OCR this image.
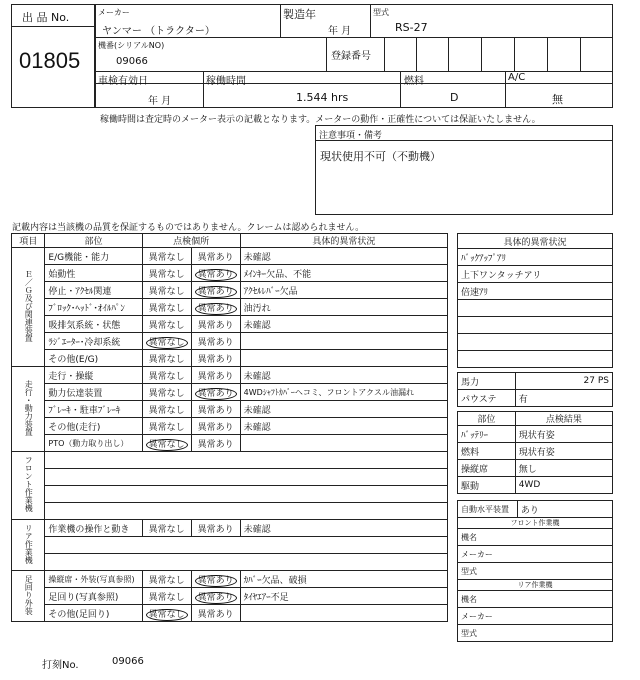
出 品 No.
01805
メーカー
ヤンマー （トラクター）
製造年
年 月
型式
RS-27
機番(シリアルNO)
09066	登録番号
車検有効日
年 月
稼働時間
1.544 hrs
燃料
D
A/C
無
稼働時間は査定時のメーター表示の記載となります。メーターの動作・正確性については保証いたしません。
注意事項・備考
現状使用不可（不動機）
記載内容は当該機の品質を保証するものではありません。クレームは認められません。
項目	部位	点検個所		具体的異常状況
Ｅ／Ｇ及び関連装置	E/G機能・能力	異常なし	異常あり	未確認
	始動性	異常なし	異常あり	ﾒｲﾝｷｰ欠品、不能
	停止・ｱｸｾﾙ関連	異常なし	異常あり	ｱｸｾﾙﾚﾊﾞｰ欠品
	ﾌﾞﾛｯｸ･ﾍｯﾄﾞ･ｵｲﾙﾊﾟﾝ	異常なし	異常あり	油汚れ
	吸排気系統・状態	異常なし	異常あり	未確認
	ﾗｼﾞｴｰﾀｰ･冷却系統	異常なし	異常あり	
	その他(E/G)	異常なし	異常あり	
走行・動力装置	走行・操縦	異常なし	異常あり	未確認
	動力伝達装置	異常なし	異常あり	4WDｼｬﾌﾄｶﾊﾞｰヘコミ、フロントアクスル油漏れ
	ﾌﾞﾚｰｷ・駐車ﾌﾞﾚｰｷ	異常なし	異常あり	未確認
	その他(走行)	異常なし	異常あり	未確認
	PTO（動力取り出し）	異常なし	異常あり	
フロント作業機				

リア作業機	作業機の操作と動き	異常なし	異常あり	未確認

足回り外装	操縦席・外装(写真参照)	異常なし	異常あり	ｶﾊﾞｰ欠品、破損
	足回り(写真参照)	異常なし	異常あり	ﾀｲﾔｴｱｰ不足
	その他(足回り)	異常なし	異常あり	
具体的異常状況
ﾊﾞｯｸｱｯﾌﾟｱﾘ
上下ワンタッチアリ
倍速ｱﾘ

馬力	27 PS
パウステ	有
部位	点検結果
ﾊﾞｯﾃﾘｰ	現状有姿
燃料	現状有姿
操縦席	無し
駆動	4WD
自動水平装置	あり
フロント作業機
機名
メーカー
型式
リア作業機
機名
メーカー
型式
打刻No.	09066
